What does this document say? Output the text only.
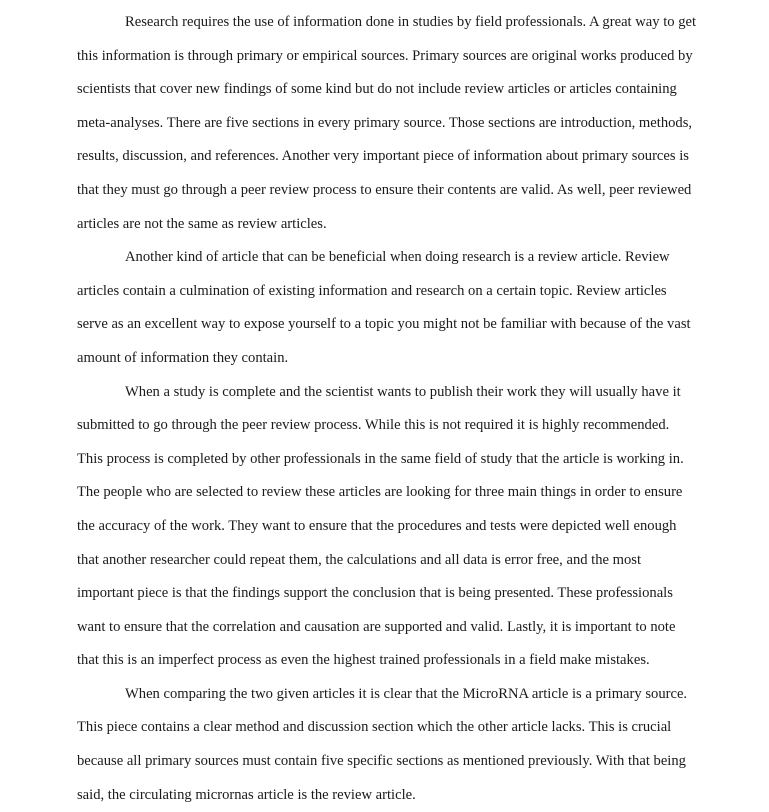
Research requires the use of information done in studies by field professionals. A great way to get
this information is through primary or empirical sources. Primary sources are original works produced by
scientists that cover new findings of some kind but do not include review articles or articles containing
meta-analyses. There are five sections in every primary source. Those sections are introduction, methods,
results, discussion, and references. Another very important piece of information about primary sources is
that they must go through a peer review process to ensure their contents are valid. As well, peer reviewed
articles are not the same as review articles.

Another kind of article that can be beneficial when doing research is a review article. Review
articles contain a culmination of existing information and research on a certain topic. Review articles
serve as an excellent way to expose yourself to a topic you might not be familiar with because of the vast
amount of information they contain.

When a study is complete and the scientist wants to publish their work they will usually have it
submitted to go through the peer review process. While this is not required it is highly recommended.
This process is completed by other professionals in the same field of study that the article is working in.
The people who are selected to review these articles are looking for three main things in order to ensure
the accuracy of the work. They want to ensure that the procedures and tests were depicted well enough
that another researcher could repeat them, the calculations and all data is error free, and the most
important piece is that the findings support the conclusion that is being presented. These professionals
want to ensure that the correlation and causation are supported and valid. Lastly, it is important to note
that this is an imperfect process as even the highest trained professionals in a field make mistakes.

When comparing the two given articles it is clear that the MicroRNA article is a primary source.
This piece contains a clear method and discussion section which the other article lacks. This is crucial
because all primary sources must contain five specific sections as mentioned previously. With that being
said, the circulating micrornas article is the review article.
